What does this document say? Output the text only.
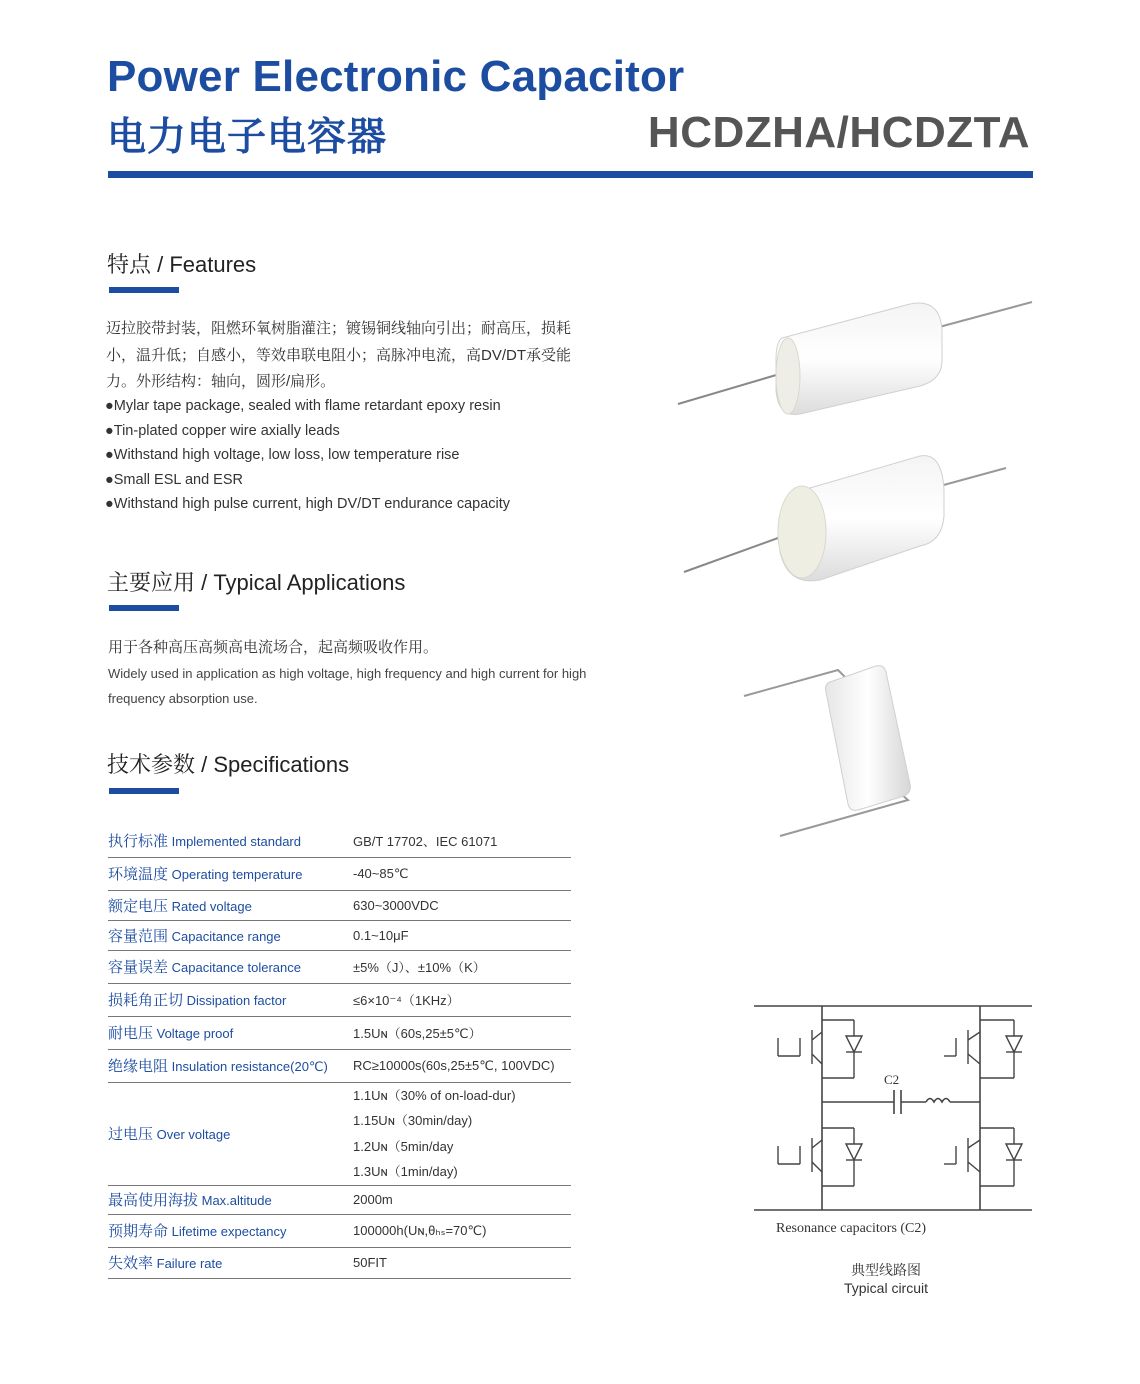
Power Electronic Capacitor
电力电子电容器	HCDZHA/HCDZTA
特点 / Features
迈拉胶带封装，阻燃环氧树脂灌注；镀锡铜线轴向引出；耐高压，损耗小，温升低；自感小，等效串联电阻小；高脉冲电流，高DV/DT承受能力。外形结构：轴向，圆形/扁形。
●Mylar tape package, sealed with flame retardant epoxy resin
●Tin-plated copper wire axially leads
●Withstand high voltage, low loss, low temperature rise
●Small ESL and ESR
●Withstand high pulse current, high DV/DT endurance capacity
主要应用 / Typical Applications
用于各种高压高频高电流场合，起高频吸收作用。
Widely used in application as high voltage, high frequency and high current for high frequency absorption use.
技术参数 / Specifications
执行标准 Implemented standard	GB/T 17702、IEC 61071
环境温度 Operating temperature	-40~85℃
额定电压 Rated voltage	630~3000VDC
容量范围 Capacitance range	0.1~10μF
容量误差 Capacitance tolerance	±5%（J）、±10%（K）
损耗角正切 Dissipation factor	≤6×10⁻⁴（1KHz）
耐电压 Voltage proof	1.5Uɴ（60s,25±5℃）
绝缘电阻 Insulation resistance(20℃)	RC≥10000s(60s,25±5℃, 100VDC)
过电压 Over voltage	1.1Uɴ（30% of on-load-dur)
1.15Uɴ（30min/day)
1.2Uɴ（5min/day
1.3Uɴ（1min/day)

最高使用海拔 Max.altitude	2000m
预期寿命 Lifetime expectancy	100000h(Uɴ,θₕₛ=70℃)
失效率 Failure rate	50FIT
C2
Resonance capacitors (C2)
典型线路图
Typical circuit
